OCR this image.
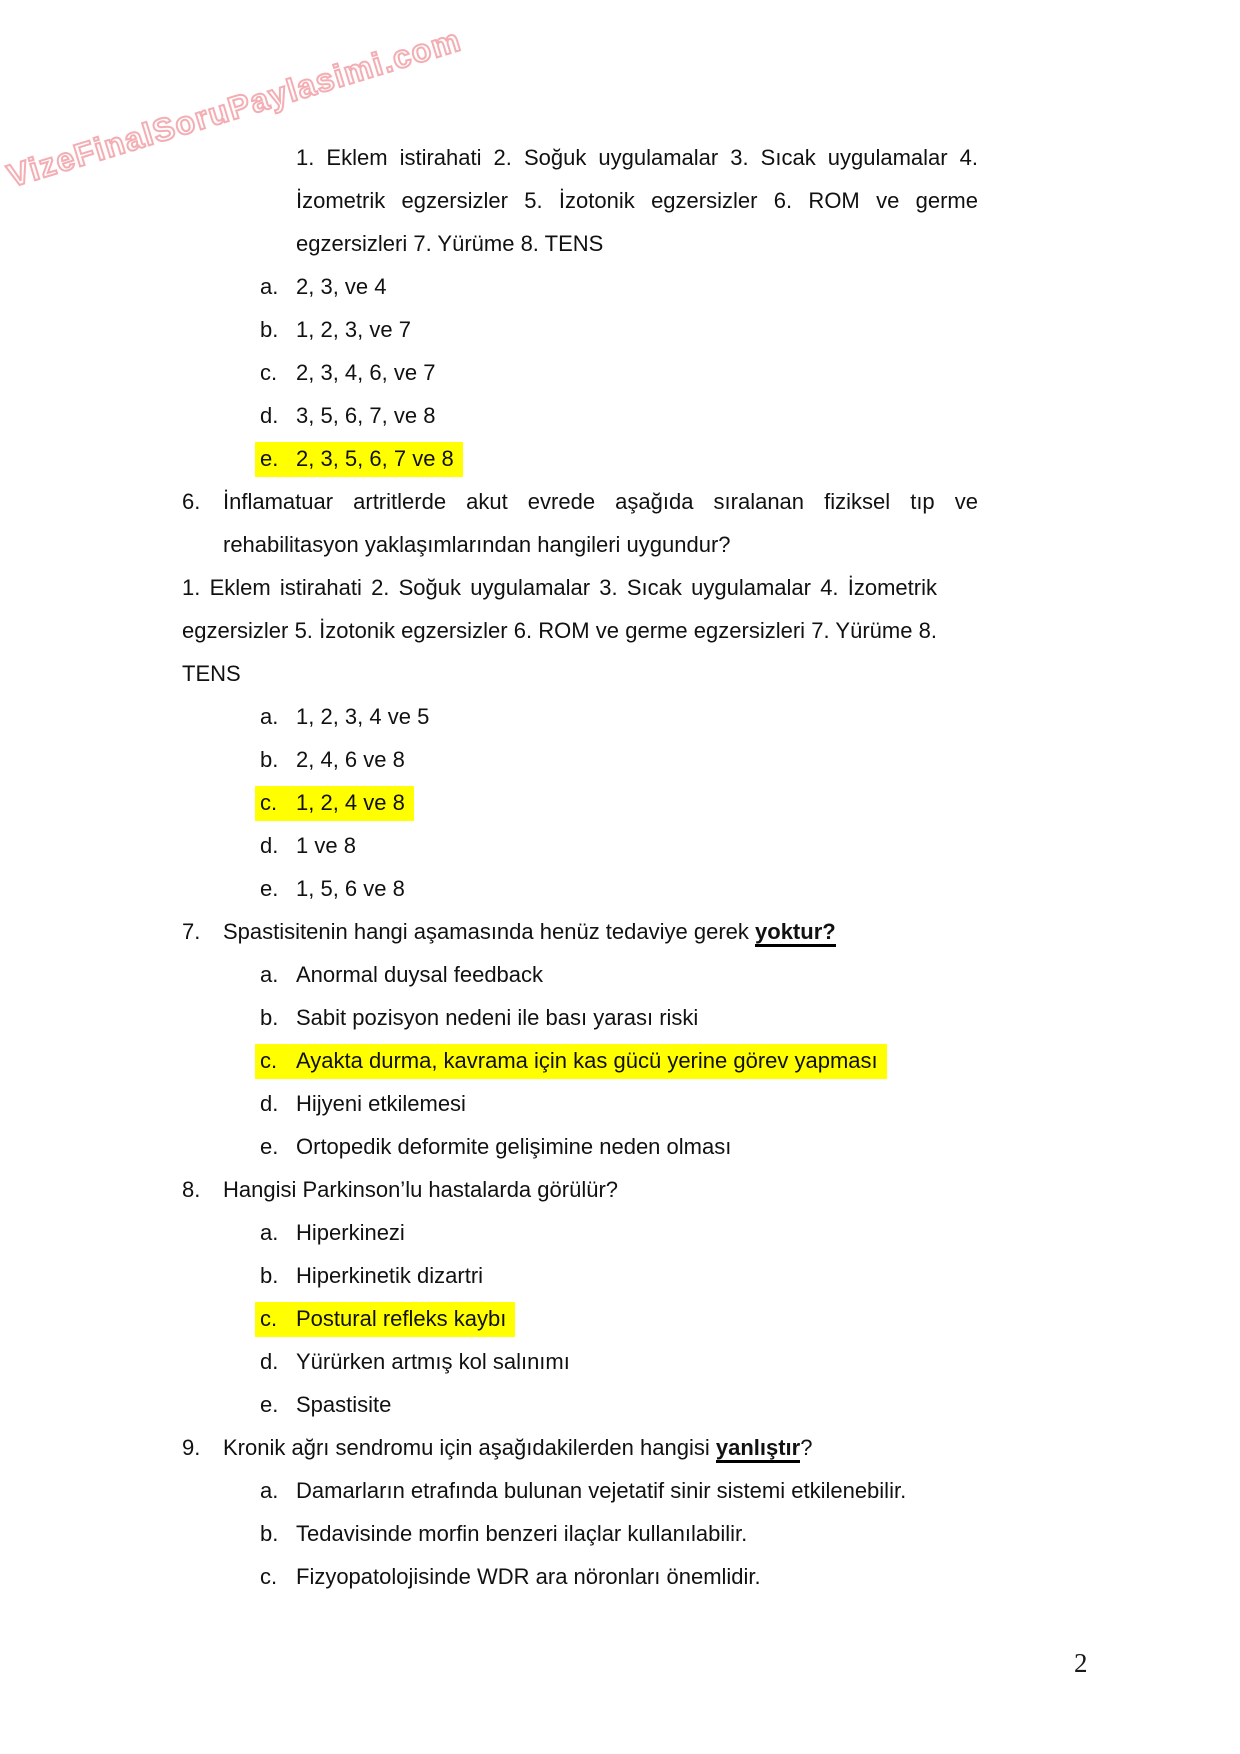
VizeFinalSoruPaylasimi.com
1. Eklem istirahati 2. Soğuk uygulamalar 3. Sıcak uygulamalar 4.
İzometrik egzersizler 5. İzotonik egzersizler 6. ROM ve germe
egzersizleri 7. Yürüme 8. TENS
a. 2, 3, ve 4
b. 1, 2, 3, ve 7
c. 2, 3, 4, 6, ve 7
d. 3, 5, 6, 7, ve 8
e. 2, 3, 5, 6, 7 ve 8
6.	İnflamatuar artritlerde akut evrede aşağıda sıralanan fiziksel tıp ve
rehabilitasyon yaklaşımlarından hangileri uygundur?
1. Eklem istirahati 2. Soğuk uygulamalar 3. Sıcak uygulamalar 4. İzometrik
egzersizler 5. İzotonik egzersizler 6. ROM ve germe egzersizleri 7. Yürüme 8.
TENS
a. 1, 2, 3, 4 ve 5
b. 2, 4, 6 ve 8
c. 1, 2, 4 ve 8
d. 1 ve 8
e. 1, 5, 6 ve 8
7.	Spastisitenin hangi aşamasında henüz tedaviye gerek yoktur?
a. Anormal duysal feedback
b. Sabit pozisyon nedeni ile bası yarası riski
c. Ayakta durma, kavrama için kas gücü yerine görev yapması
d. Hijyeni etkilemesi
e. Ortopedik deformite gelişimine neden olması
8.	Hangisi Parkinson’lu hastalarda görülür?
a. Hiperkinezi
b. Hiperkinetik dizartri
c. Postural refleks kaybı
d. Yürürken artmış kol salınımı
e. Spastisite
9.	Kronik ağrı sendromu için aşağıdakilerden hangisi yanlıştır?
a. Damarların etrafında bulunan vejetatif sinir sistemi etkilenebilir.
b. Tedavisinde morfin benzeri ilaçlar kullanılabilir.
c. Fizyopatolojisinde WDR ara nöronları önemlidir.
2
